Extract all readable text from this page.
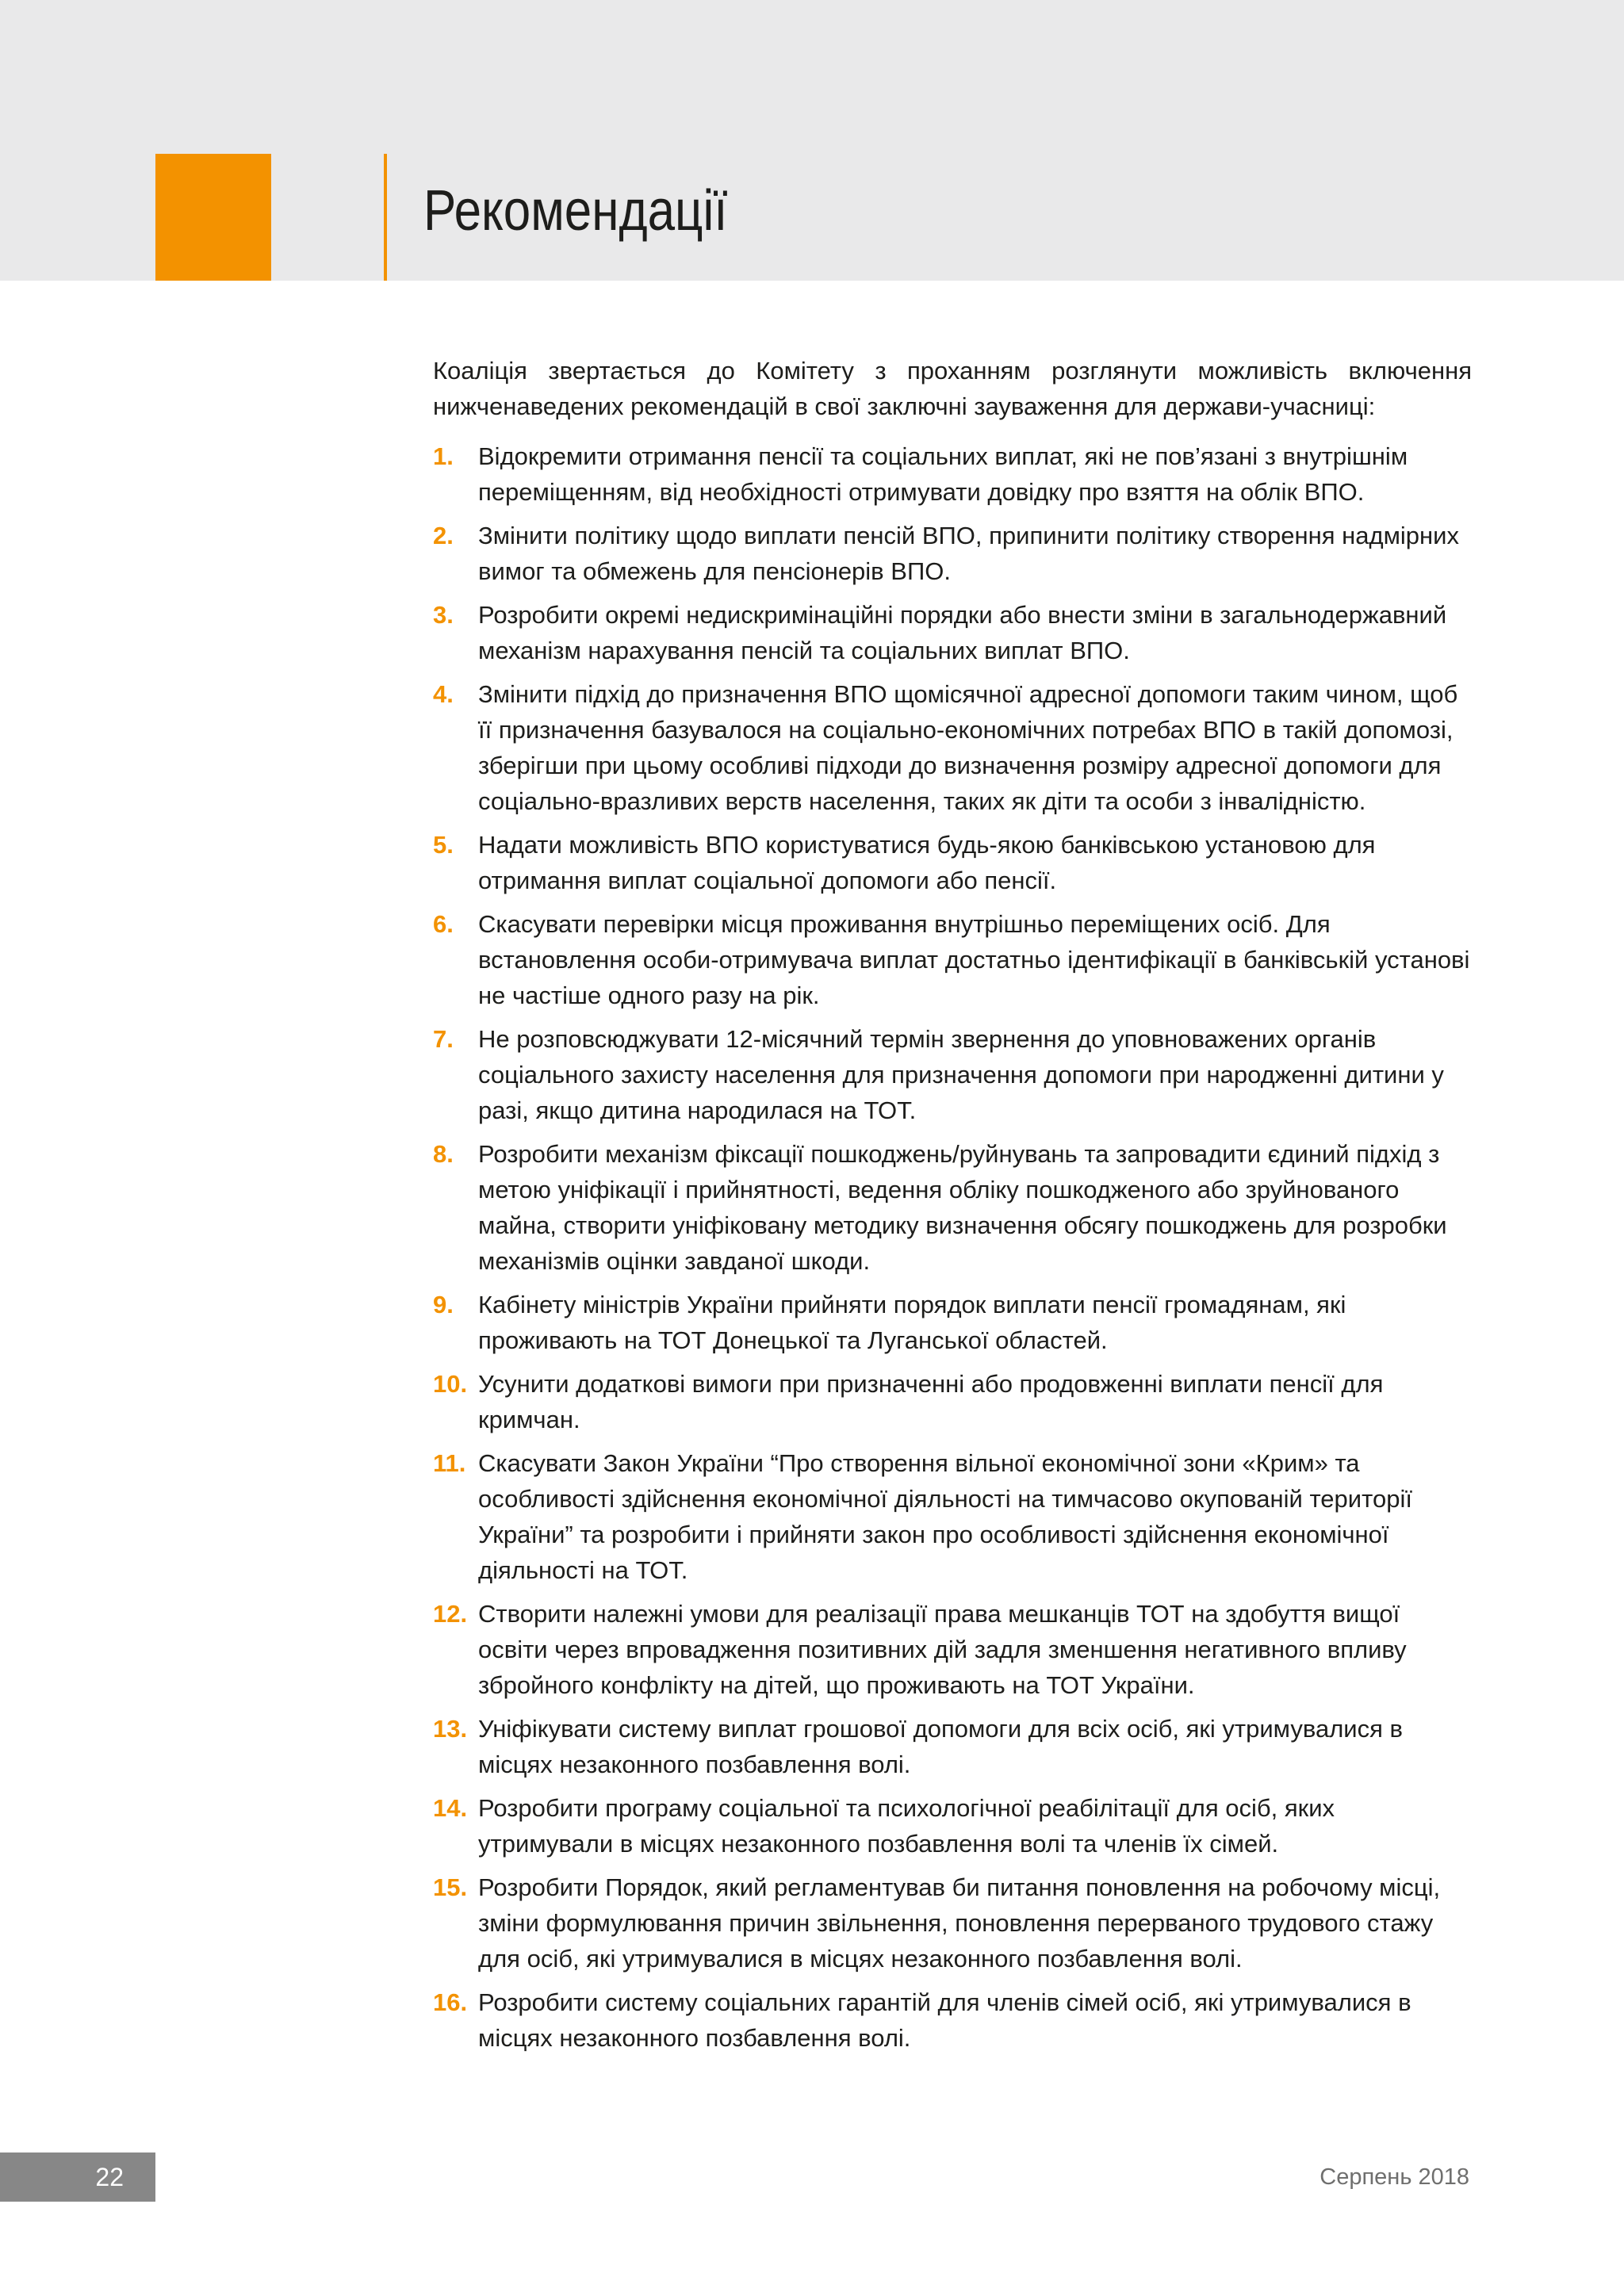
Рекомендації

Коаліція звертається до Комітету з проханням розглянути можливість включення нижченаведених рекомендацій в свої заключні зауваження для держави-учасниці:

1. Відокремити отримання пенсії та соціальних виплат, які не пов’язані з внутрішнім переміщенням, від необхідності отримувати довідку про взяття на облік ВПО.
2. Змінити політику щодо виплати пенсій ВПО, припинити політику створення надмірних вимог та обмежень для пенсіонерів ВПО.
3. Розробити окремі недискримінаційні порядки або внести зміни в загальнодержавний механізм нарахування пенсій та соціальних виплат ВПО.
4. Змінити підхід до призначення ВПО щомісячної адресної допомоги таким чином, щоб її призначення базувалося на соціально-економічних потребах ВПО в такій допомозі, зберігши при цьому особливі підходи до визначення розміру адресної допомоги для соціально-вразливих верств населення, таких як діти та особи з інвалідністю.
5. Надати можливість ВПО користуватися будь-якою банківською установою для отримання виплат соціальної допомоги або пенсії.
6. Скасувати перевірки місця проживання внутрішньо переміщених осіб. Для встановлення особи-отримувача виплат достатньо ідентифікації в банківській установі не частіше одного разу на рік.
7. Не розповсюджувати 12-місячний термін звернення до уповноважених органів соціального захисту населення для призначення допомоги при народженні дитини у разі, якщо дитина народилася на ТОТ.
8. Розробити механізм фіксації пошкоджень/руйнувань та запровадити єдиний підхід з метою уніфікації і прийнятності, ведення обліку пошкодженого або зруйнованого майна, створити уніфіковану методику визначення обсягу пошкоджень для розробки механізмів оцінки завданої шкоди.
9. Кабінету міністрів України прийняти порядок виплати пенсії громадянам, які проживають на ТОТ Донецької та Луганської областей.
10. Усунити додаткові вимоги при призначенні або продовженні виплати пенсії для кримчан.
11. Скасувати Закон України “Про створення вільної економічної зони «Крим» та особливості здійснення економічної діяльності на тимчасово окупованій території України” та розробити і прийняти закон про особливості здійснення економічної діяльності на ТОТ.
12. Створити належні умови для реалізації права мешканців ТОТ на здобуття вищої освіти через впровадження позитивних дій задля зменшення негативного впливу збройного конфлікту на дітей, що проживають на ТОТ України.
13. Уніфікувати систему виплат грошової допомоги для всіх осіб, які утримувалися в місцях незаконного позбавлення волі.
14. Розробити програму соціальної та психологічної реабілітації для осіб, яких утримували в місцях незаконного позбавлення волі та членів їх сімей.
15. Розробити Порядок, який регламентував би питання поновлення на робочому місці, зміни формулювання причин звільнення, поновлення перерваного трудового стажу для осіб, які утримувалися в місцях незаконного позбавлення волі.
16. Розробити систему соціальних гарантій для членів сімей осіб, які утримувалися в місцях незаконного позбавлення волі.
22	Серпень 2018
